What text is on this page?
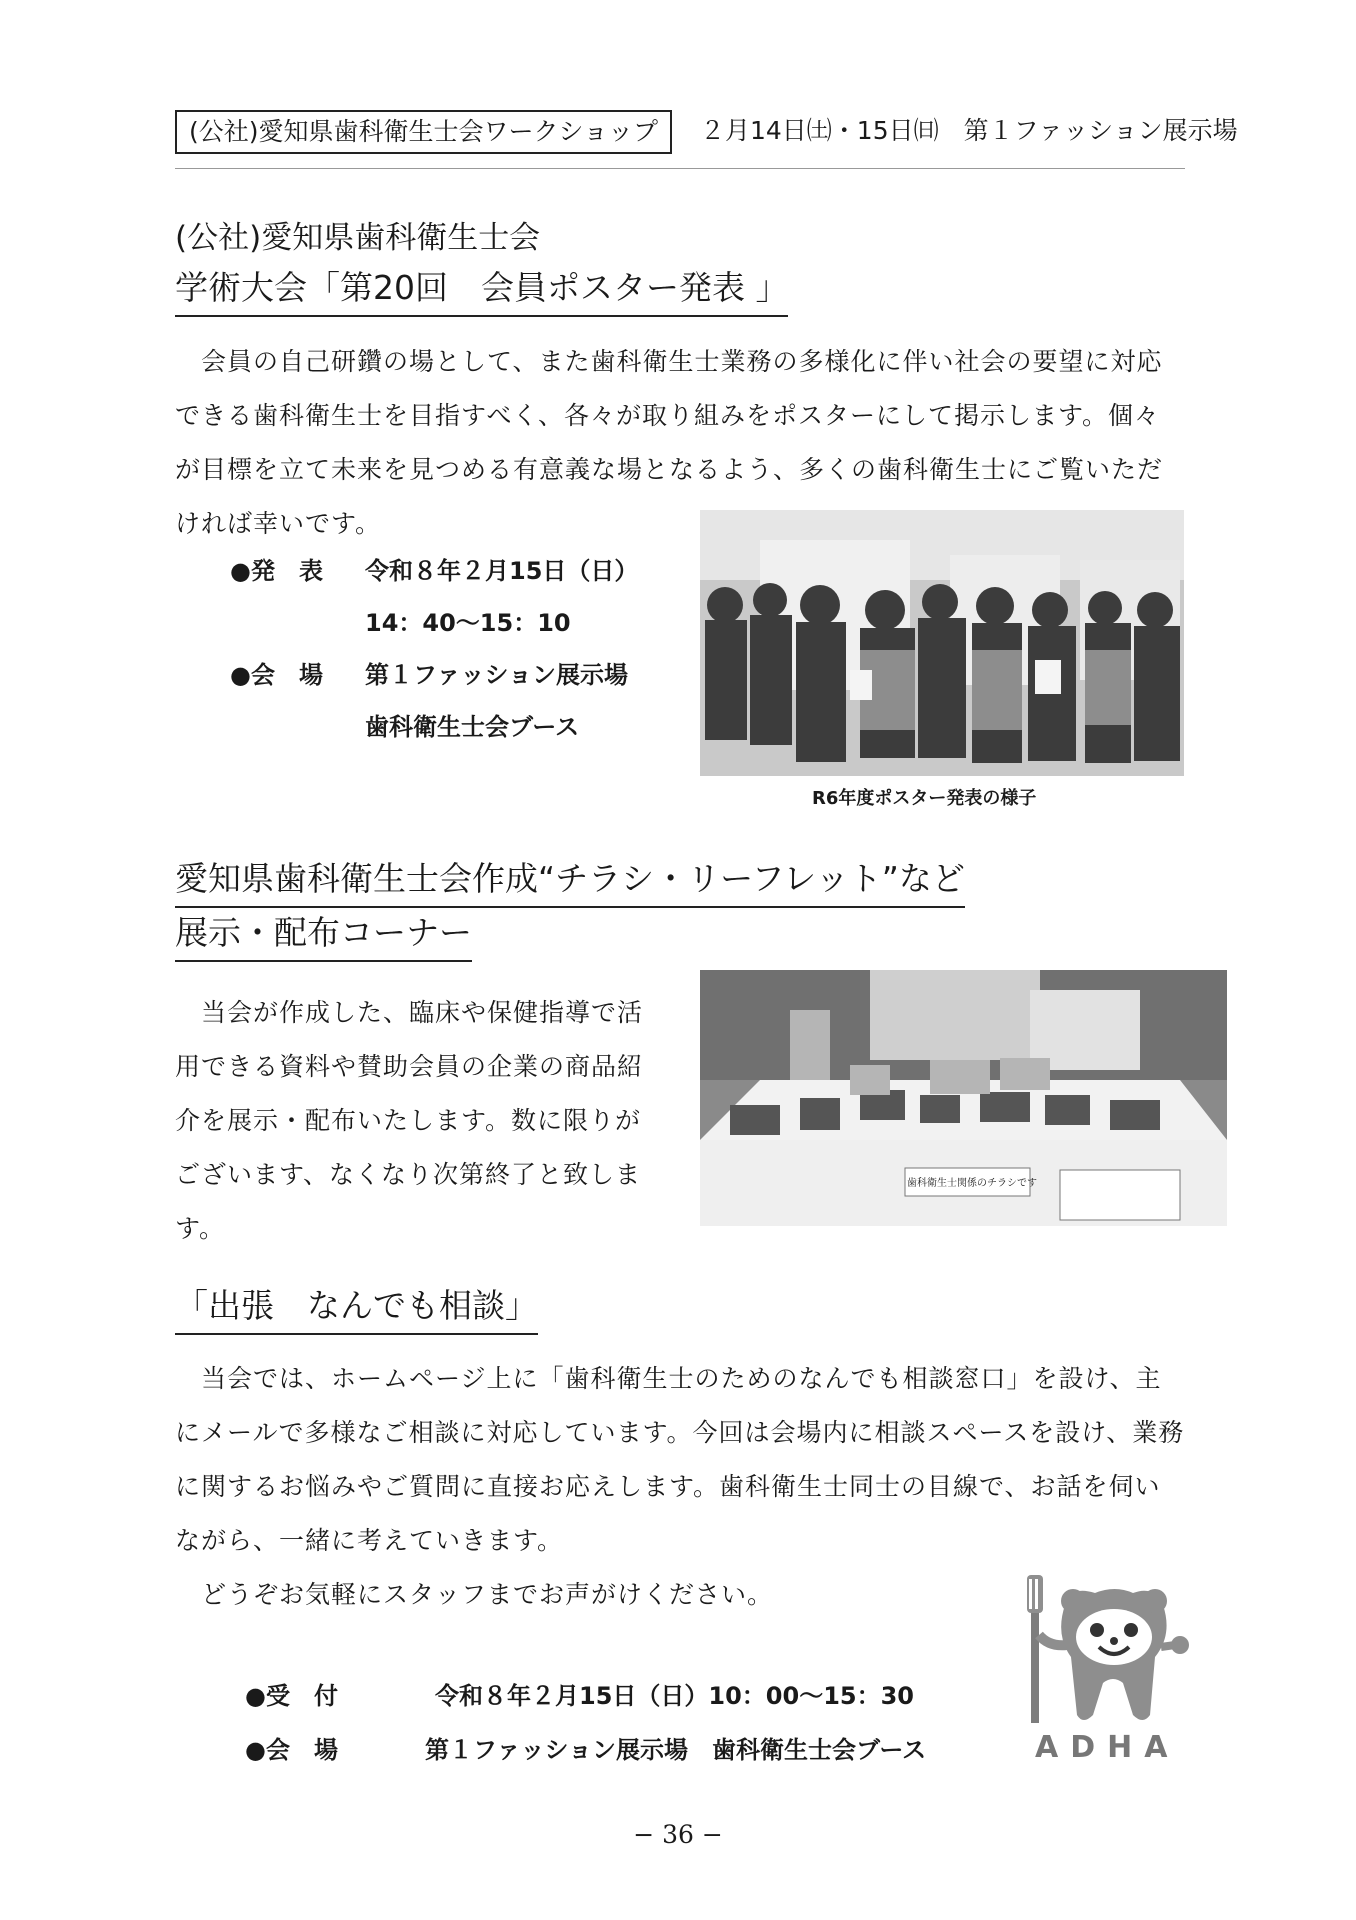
(公社)愛知県歯科衛生士会ワークショップ	２月14日㈯・15日㈰　第１ファッション展示場
(公社)愛知県歯科衛生士会
学術大会「第20回　会員ポスター発表 」
　会員の自己研鑽の場として、また歯科衛生士業務の多様化に伴い社会の要望に対応できる歯科衛生士を目指すべく、各々が取り組みをポスターにして掲示します。個々が目標を立て未来を見つめる有意義な場となるよう、多くの歯科衛生士にご覧いただければ幸いです。
●発　表 令和８年２月15日（日）
14：40〜15：10
●会　場 第１ファッション展示場
歯科衛生士会ブース
R6年度ポスター発表の様子
愛知県歯科衛生士会作成“チラシ・リーフレット”など
展示・配布コーナー
　当会が作成した、臨床や保健指導で活用できる資料や賛助会員の企業の商品紹介を展示・配布いたします。数に限りがございます、なくなり次第終了と致します。
歯科衛生士関係のチラシです
「出張　なんでも相談」
　当会では、ホームページ上に「歯科衛生士のためのなんでも相談窓口」を設け、主にメールで多様なご相談に対応しています。今回は会場内に相談スペースを設け、業務に関するお悩みやご質問に直接お応えします。歯科衛生士同士の目線で、お話を伺いながら、一緒に考えていきます。
　どうぞお気軽にスタッフまでお声がけください。
●受　付	令和８年２月15日（日）10：00〜15：30
●会　場	第１ファッション展示場　歯科衛生士会ブース	ADHA
− 36 −
